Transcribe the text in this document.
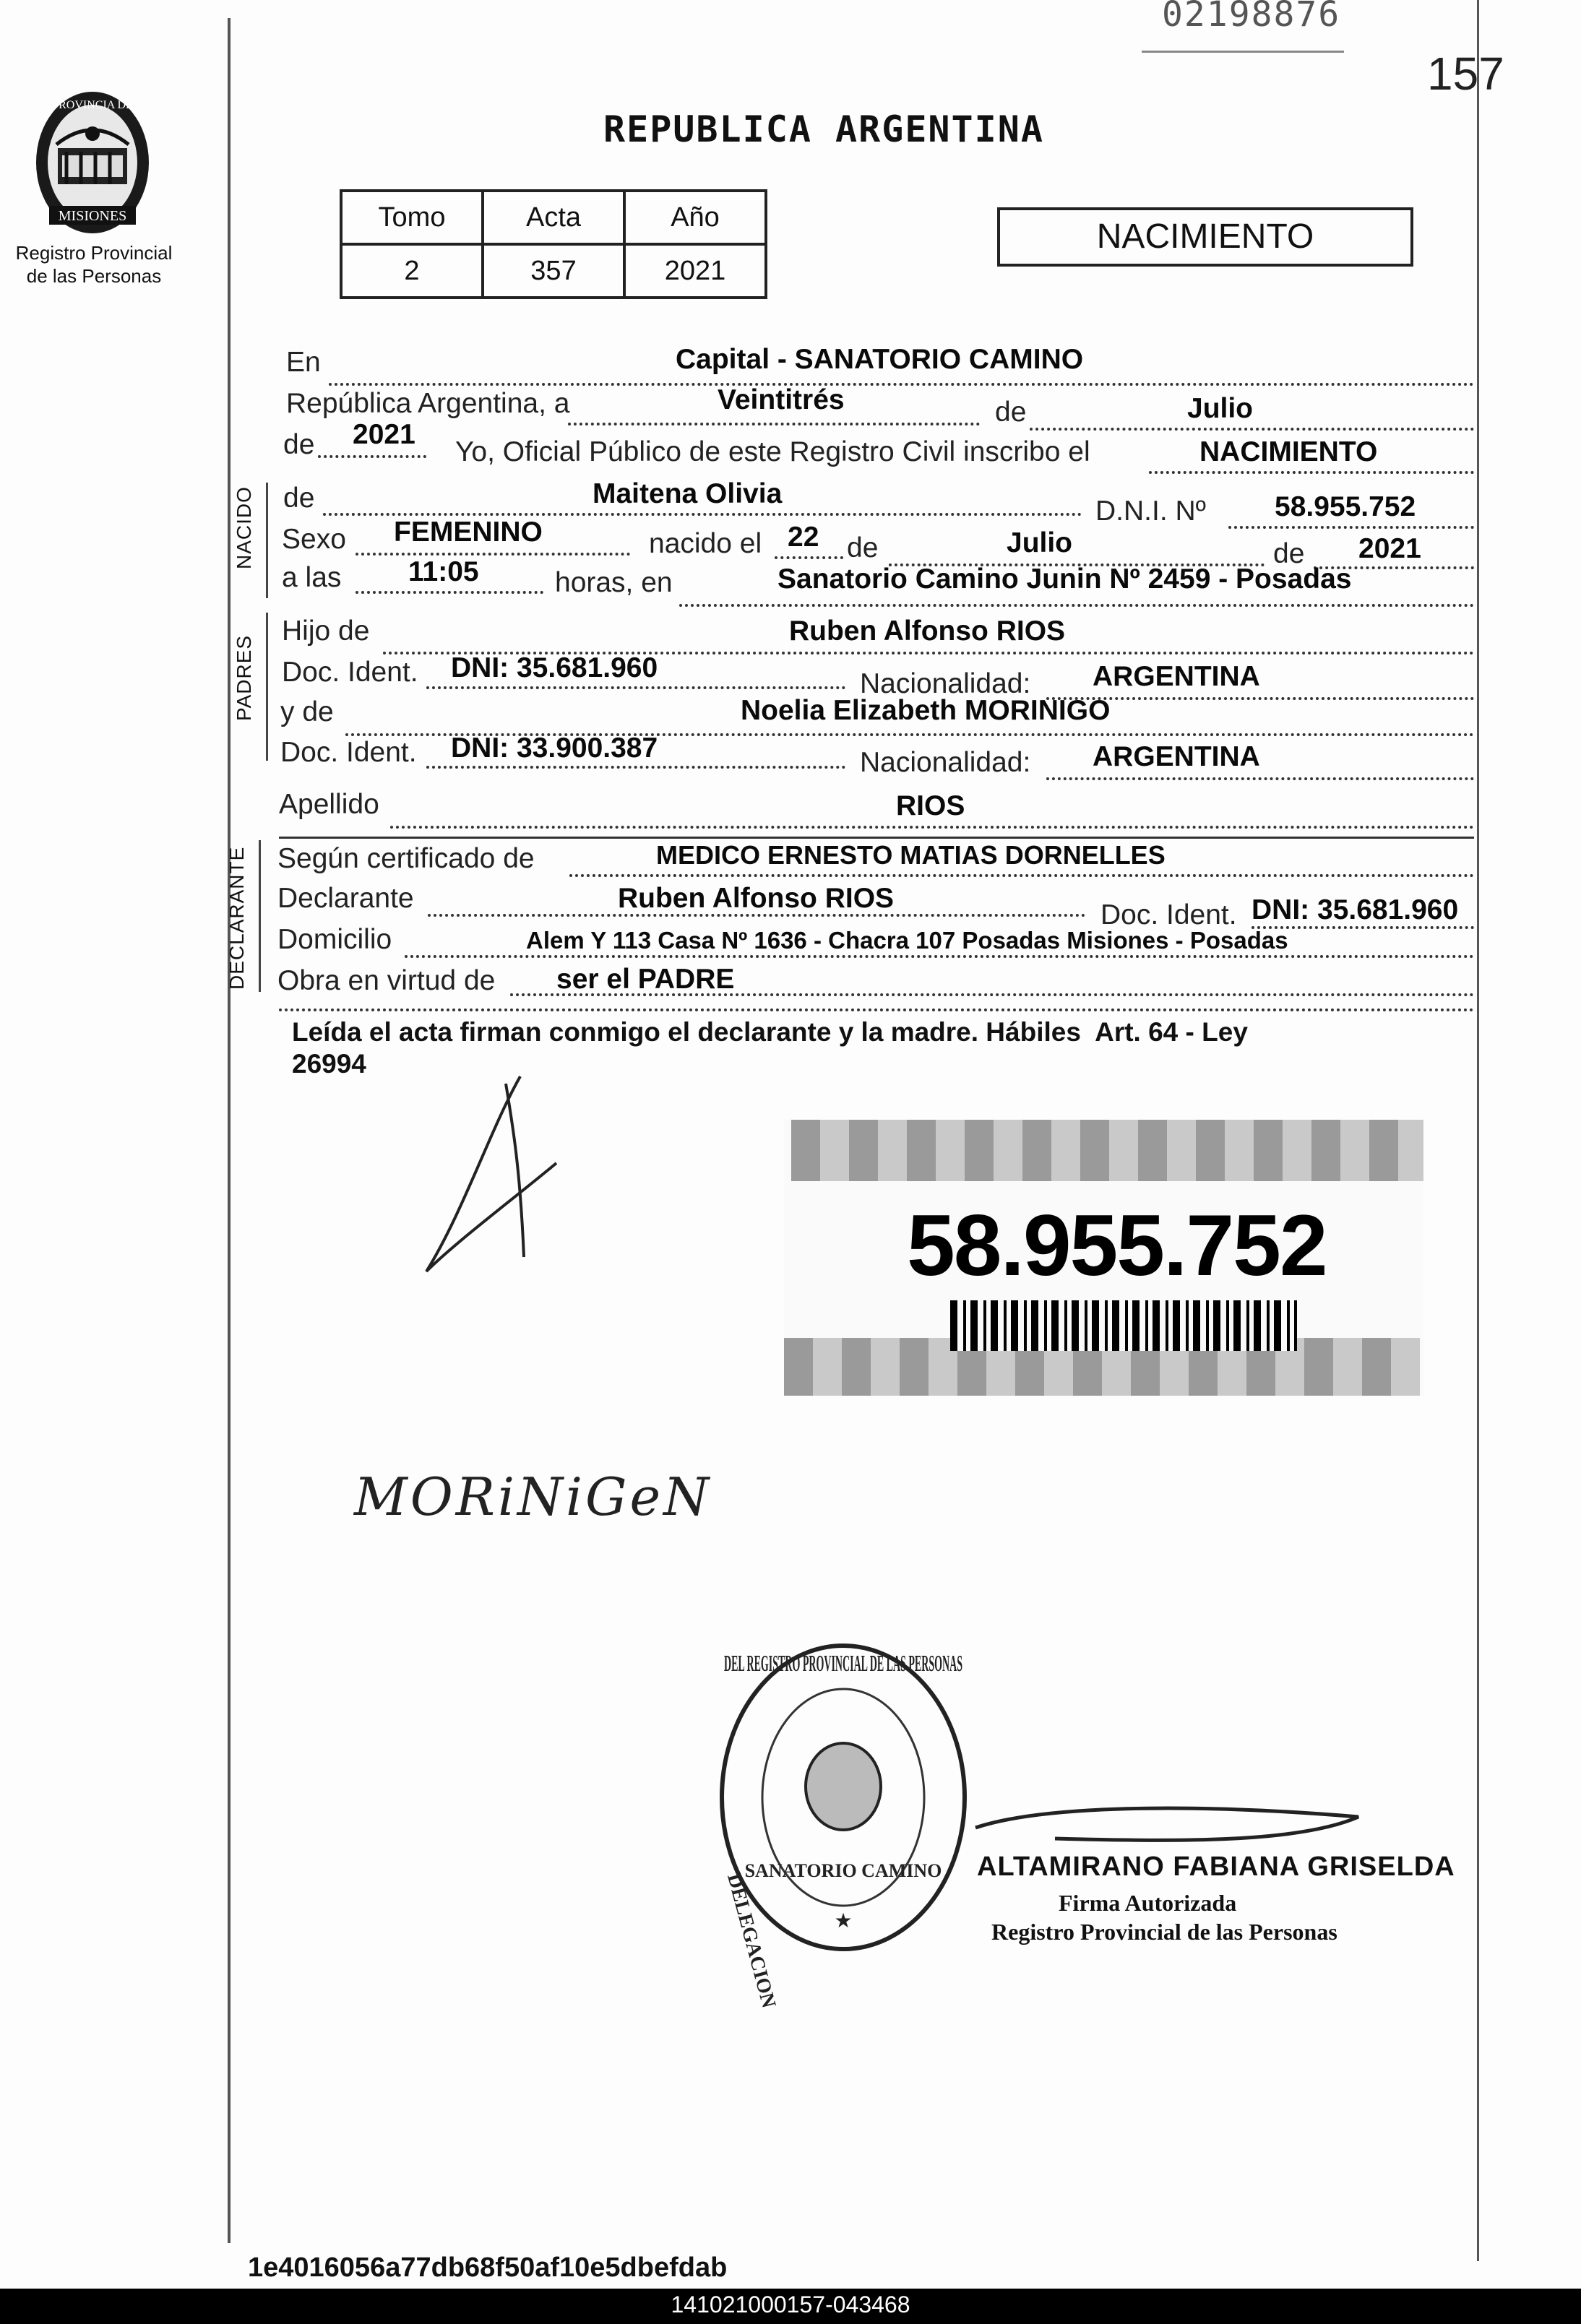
02198876
157
MISIONES
PROVINCIA DE
Registro Provincial
de las Personas
REPUBLICA ARGENTINA
Tomo	Acta	Año
2	357	2021
NACIMIENTO
NACIDO
PADRES
DECLARANTE
En	Capital - SANATORIO CAMINO
República Argentina, a	Veintitrés	de	Julio
de 2021
Yo, Oficial Público de este Registro Civil inscribo el	NACIMIENTO
de	Maitena Olivia
D.N.I. Nº 58.955.752
Sexo FEMENINO	nacido el 22 de	Julio	de 2021
a las 11:05	horas, en	Sanatorio Camino Junin Nº 2459 - Posadas
Hijo de	Ruben Alfonso RIOS
Doc. Ident. DNI: 35.681.960
Nacionalidad: ARGENTINA
y de	Noelia Elizabeth MORINIGO
Doc. Ident. DNI: 33.900.387	Nacionalidad: ARGENTINA
Apellido	RIOS
Según certificado de	MEDICO ERNESTO MATIAS DORNELLES
Declarante	Ruben Alfonso RIOS
Doc. Ident. DNI: 35.681.960
Domicilio	Alem Y 113 Casa Nº 1636 - Chacra 107 Posadas Misiones - Posadas
Obra en virtud de ser el PADRE
Leída el acta firman conmigo el declarante y la madre. Hábiles  Art. 64 - Ley
26994
58.955.752
MORiNiGeN
DEL REGISTRO PROVINCIAL DE LAS PERSONAS
SANATORIO CAMINO
★
DELEGACION
ALTAMIRANO FABIANA GRISELDA
Firma Autorizada
Registro Provincial de las Personas
1e4016056a77db68f50af10e5dbefdab
141021000157-043468
